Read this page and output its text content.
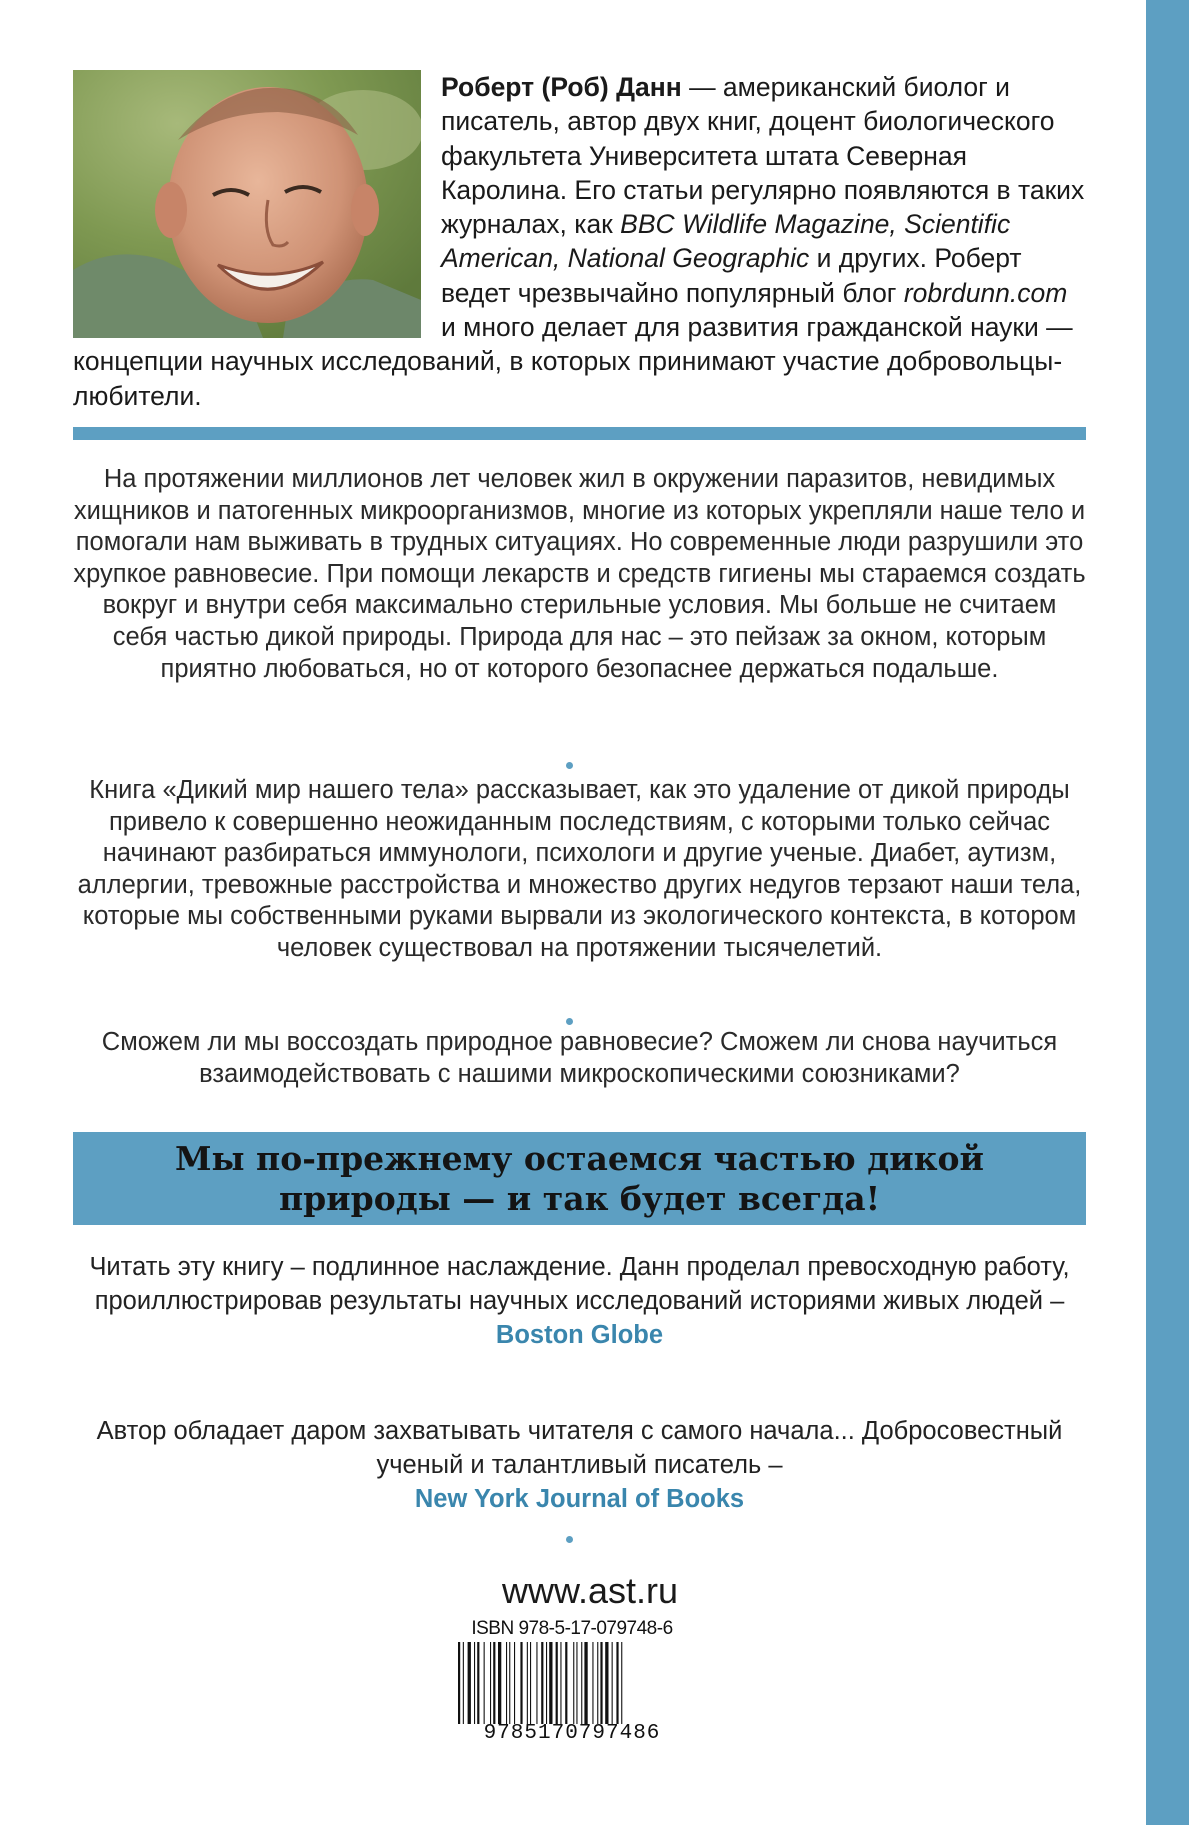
Роберт (Роб) Данн — американский биолог и писатель, автор двух книг, доцент биологического факультета Университета штата Северная Каролина. Его статьи регулярно появляются в таких журналах, как BBC Wildlife Magazine, Scientific American, National Geographic и других. Роберт ведет чрезвычайно популярный блог robrdunn.com и много делает для развития гражданской науки — концепции научных исследований, в которых принимают участие добровольцы-любители.

На протяжении миллионов лет человек жил в окружении паразитов, невидимых хищников и патогенных микроорганизмов, многие из которых укрепляли наше тело и помогали нам выживать в трудных ситуациях. Но современные люди разрушили это хрупкое равновесие. При помощи лекарств и средств гигиены мы стараемся создать вокруг и внутри себя максимально стерильные условия. Мы больше не считаем себя частью дикой природы. Природа для нас – это пейзаж за окном, которым приятно любоваться, но от которого безопаснее держаться подальше.

Книга «Дикий мир нашего тела» рассказывает, как это удаление от дикой природы привело к совершенно неожиданным последствиям, с которыми только сейчас начинают разбираться иммунологи, психологи и другие ученые. Диабет, аутизм, аллергии, тревожные расстройства и множество других недугов терзают наши тела, которые мы собственными руками вырвали из экологического контекста, в котором человек существовал на протяжении тысячелетий.

Сможем ли мы воссоздать природное равновесие? Сможем ли снова научиться взаимодействовать с нашими микроскопическими союзниками?

Мы по-прежнему остаемся частью дикой природы — и так будет всегда!
Читать эту книгу – подлинное наслаждение. Данн проделал превосходную работу, проиллюстрировав результаты научных исследований историями живых людей –
Boston Globe
Автор обладает даром захватывать читателя с самого начала... Добросовестный ученый и талантливый писатель –
New York Journal of Books
www.ast.ru
ISBN 978-5-17-079748-6
9785170797486
